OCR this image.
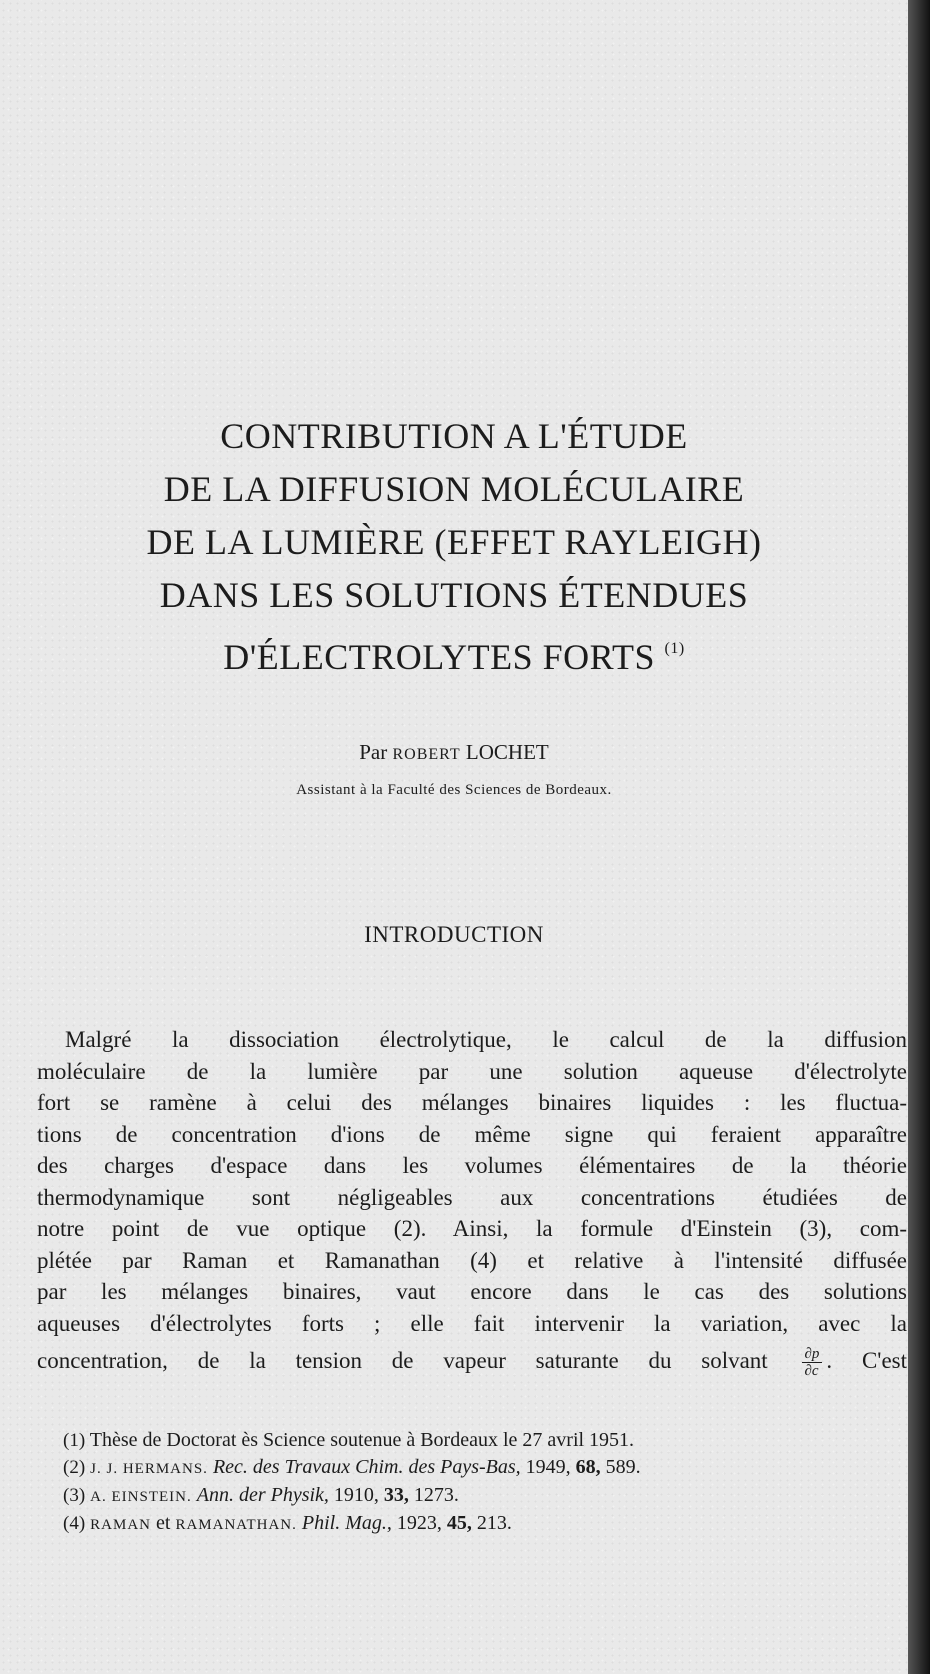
CONTRIBUTION A L'ÉTUDE
DE LA DIFFUSION MOLÉCULAIRE
DE LA LUMIÈRE (EFFET RAYLEIGH)
DANS LES SOLUTIONS ÉTENDUES
D'ÉLECTROLYTES FORTS $^{(1)}$
Par ROBERT LOCHET
Assistant à la Faculté des Sciences de Bordeaux.
INTRODUCTION
Malgré la dissociation électrolytique, le calcul de la diffusion
moléculaire de la lumière par une solution aqueuse d'électrolyte
fort se ramène à celui des mélanges binaires liquides : les fluctua-
tions de concentration d'ions de même signe qui feraient apparaître
des charges d'espace dans les volumes élémentaires de la théorie
thermodynamique sont négligeables aux concentrations étudiées de
notre point de vue optique (2). Ainsi, la formule d'Einstein (3), com-
plétée par Raman et Ramanathan (4) et relative à l'intensité diffusée
par les mélanges binaires, vaut encore dans le cas des solutions
aqueuses d'électrolytes forts ; elle fait intervenir la variation, avec la
concentration, de la tension de vapeur saturante du solvant $\frac{\partial p}{\partial c}$ . C'est
(1) Thèse de Doctorat ès Science soutenue à Bordeaux le 27 avril 1951.
(2) J. J. HERMANS. Rec. des Travaux Chim. des Pays-Bas, 1949, 68, 589.
(3) A. EINSTEIN. Ann. der Physik, 1910, 33, 1273.
(4) RAMAN et RAMANATHAN. Phil. Mag., 1923, 45, 213.
